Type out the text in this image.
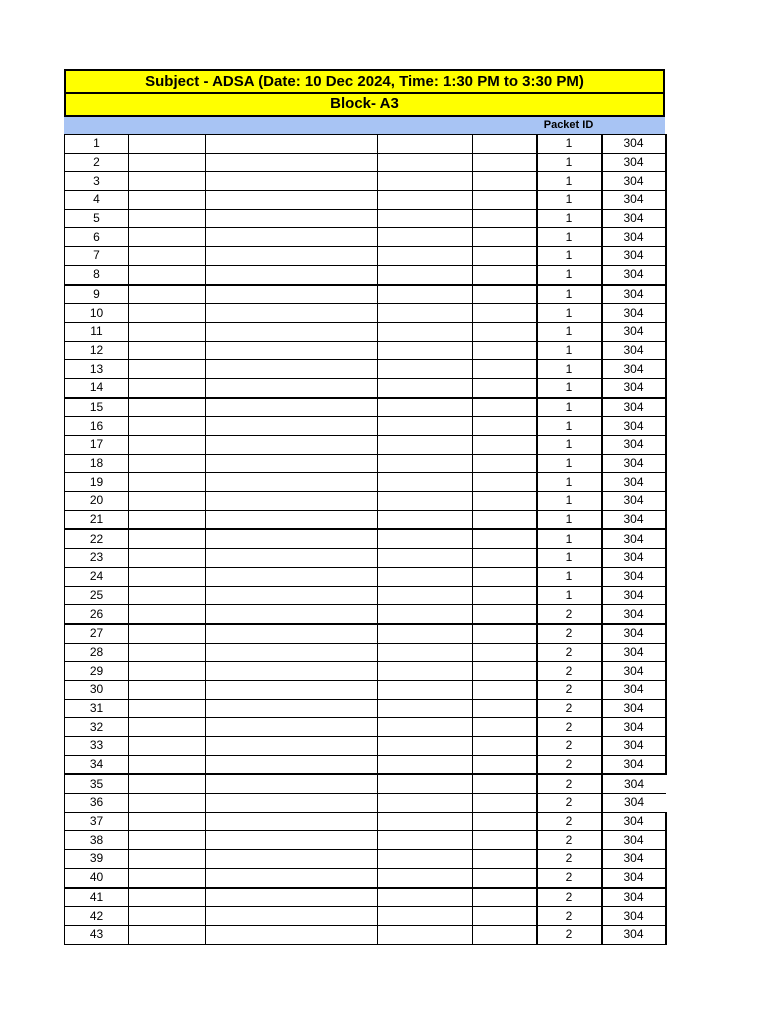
Subject - ADSA (Date: 10 Dec 2024, Time: 1:30 PM to 3:30 PM)
Block- A3
Packet ID
1					1	304
2					1	304
3					1	304
4					1	304
5					1	304
6					1	304
7					1	304
8					1	304
9					1	304
10					1	304
11					1	304
12					1	304
13					1	304
14					1	304
15					1	304
16					1	304
17					1	304
18					1	304
19					1	304
20					1	304
21					1	304
22					1	304
23					1	304
24					1	304
25					1	304
26					2	304
27					2	304
28					2	304
29					2	304
30					2	304
31					2	304
32					2	304
33					2	304
34					2	304
35					2	304
36					2	304
37					2	304
38					2	304
39					2	304
40					2	304
41					2	304
42					2	304
43					2	304
